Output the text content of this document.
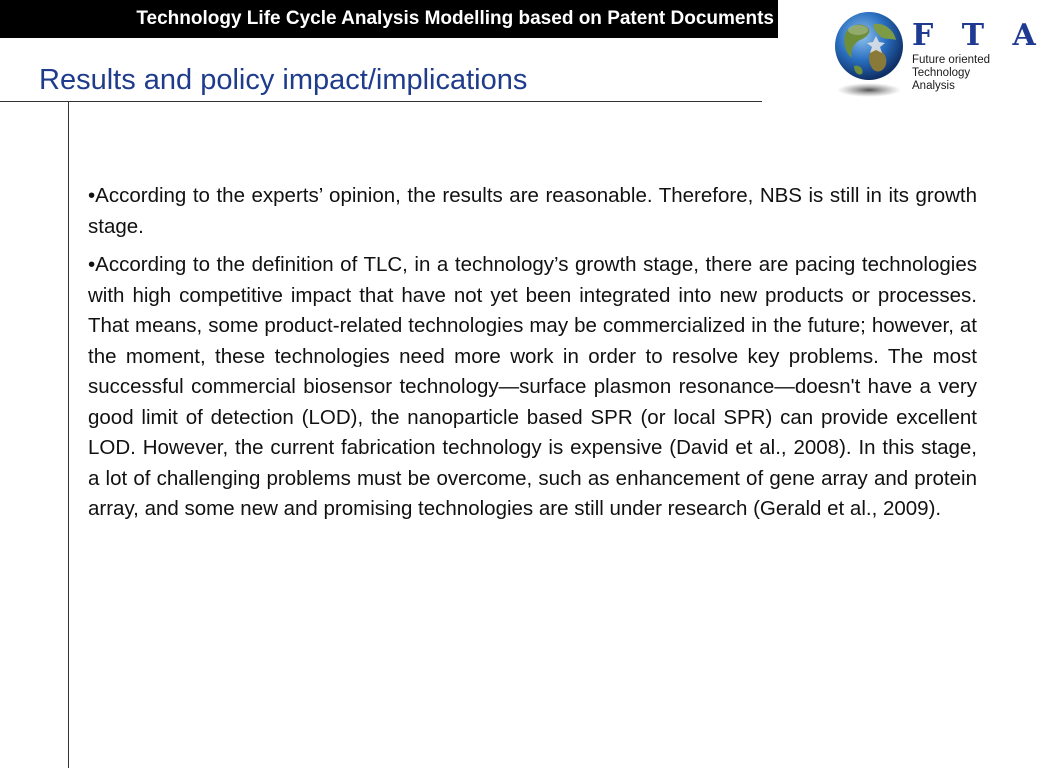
Technology Life Cycle Analysis Modelling based on Patent Documents
Results and policy impact/implications
F T A
Future oriented
Technology
Analysis

•According to the experts’ opinion, the results are reasonable. Therefore, NBS is still in its growth stage.

•According to the definition of TLC, in a technology’s growth stage, there are pacing technologies with high competitive impact that have not yet been integrated into new products or processes. That means, some product-related technologies may be commercialized in the future; however, at the moment, these technologies need more work in order to resolve key problems. The most successful commercial biosensor technology—surface plasmon resonance—doesn't have a very good limit of detection (LOD), the nanoparticle based SPR (or local SPR) can provide excellent LOD. However, the current fabrication technology is expensive (David et al., 2008). In this stage, a lot of challenging problems must be overcome, such as enhancement of gene array and protein array, and some new and promising technologies are still under research (Gerald et al., 2009).
